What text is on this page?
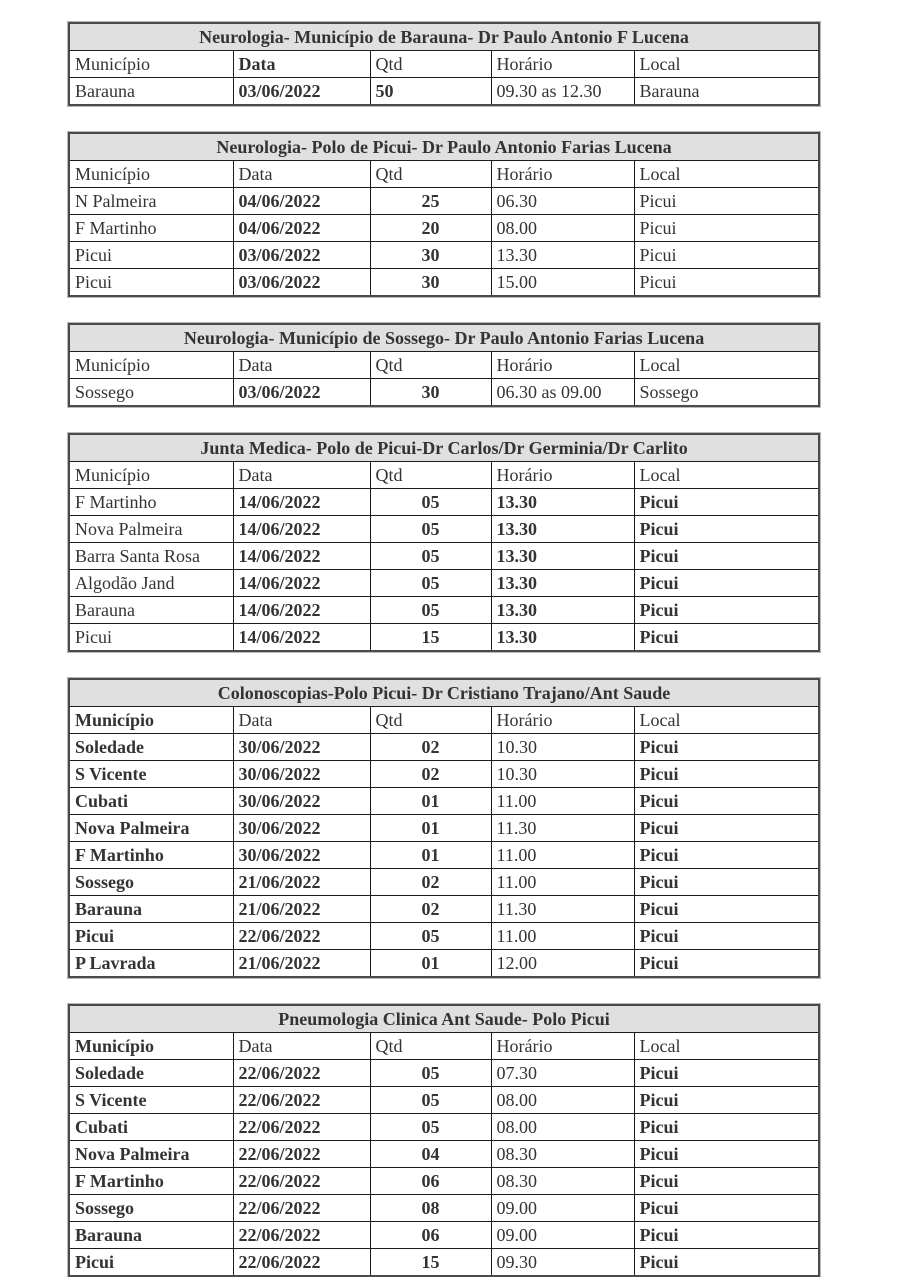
Neurologia- Município de Barauna- Dr Paulo Antonio F Lucena				
Município	Data	Qtd	Horário	Local
Barauna	03/06/2022	50	09.30 as 12.30	Barauna
Neurologia- Polo de Picui- Dr Paulo Antonio Farias Lucena				
Município	Data	Qtd	Horário	Local
N Palmeira	04/06/2022	25	06.30	Picui
F Martinho	04/06/2022	20	08.00	Picui
Picui	03/06/2022	30	13.30	Picui
Picui	03/06/2022	30	15.00	Picui
Neurologia- Município de Sossego- Dr Paulo Antonio Farias Lucena				
Município	Data	Qtd	Horário	Local
Sossego	03/06/2022	30	06.30 as 09.00	Sossego
Junta Medica- Polo de Picui-Dr Carlos/Dr Germinia/Dr Carlito				
Município	Data	Qtd	Horário	Local
F Martinho	14/06/2022	05	13.30	Picui
Nova Palmeira	14/06/2022	05	13.30	Picui
Barra Santa Rosa	14/06/2022	05	13.30	Picui
Algodão Jand	14/06/2022	05	13.30	Picui
Barauna	14/06/2022	05	13.30	Picui
Picui	14/06/2022	15	13.30	Picui
Colonoscopias-Polo Picui- Dr Cristiano Trajano/Ant Saude				
Município	Data	Qtd	Horário	Local
Soledade	30/06/2022	02	10.30	Picui
S Vicente	30/06/2022	02	10.30	Picui
Cubati	30/06/2022	01	11.00	Picui
Nova Palmeira	30/06/2022	01	11.30	Picui
F Martinho	30/06/2022	01	11.00	Picui
Sossego	21/06/2022	02	11.00	Picui
Barauna	21/06/2022	02	11.30	Picui
Picui	22/06/2022	05	11.00	Picui
P Lavrada	21/06/2022	01	12.00	Picui
Pneumologia Clinica Ant Saude- Polo Picui				
Município	Data	Qtd	Horário	Local
Soledade	22/06/2022	05	07.30	Picui
S Vicente	22/06/2022	05	08.00	Picui
Cubati	22/06/2022	05	08.00	Picui
Nova Palmeira	22/06/2022	04	08.30	Picui
F Martinho	22/06/2022	06	08.30	Picui
Sossego	22/06/2022	08	09.00	Picui
Barauna	22/06/2022	06	09.00	Picui
Picui	22/06/2022	15	09.30	Picui
